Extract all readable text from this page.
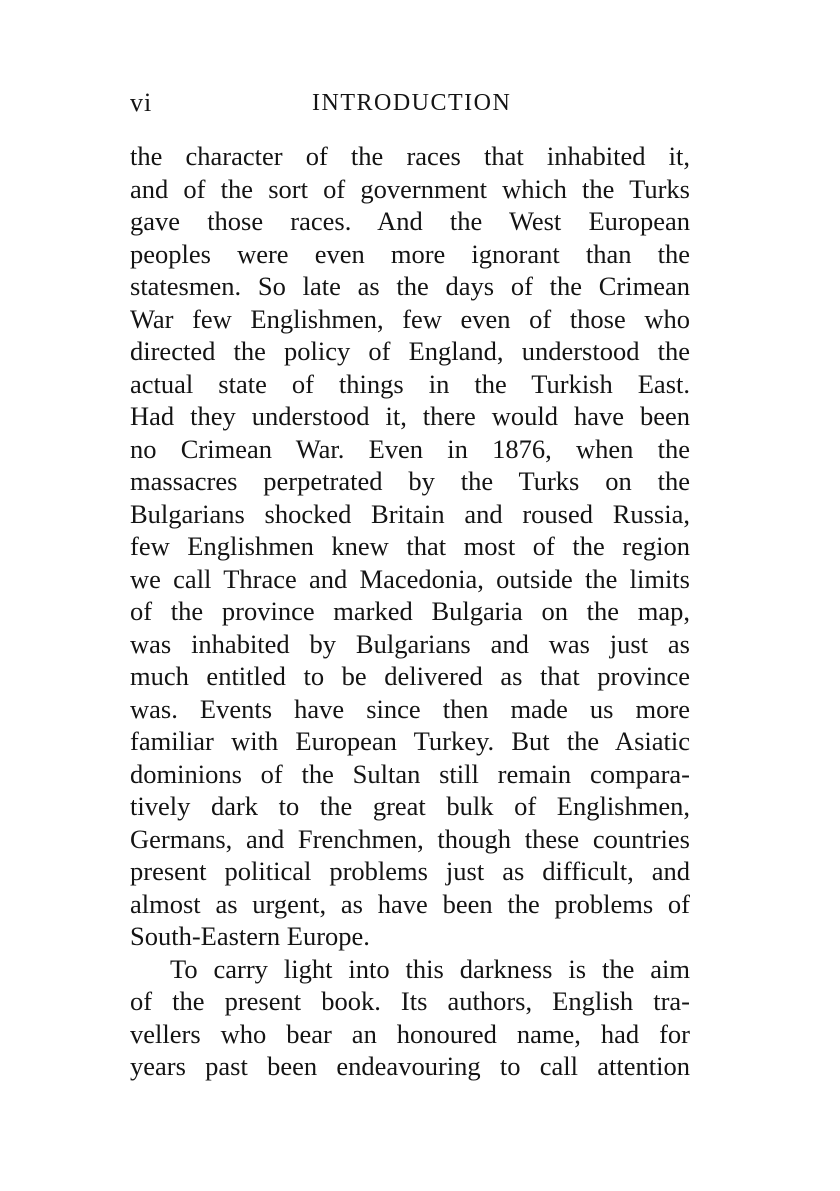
vi	INTRODUCTION
the character of the races that inhabited it,
and of the sort of government which the Turks
gave those races. And the West European
peoples were even more ignorant than the
statesmen. So late as the days of the Crimean
War few Englishmen, few even of those who
directed the policy of England, understood the
actual state of things in the Turkish East.
Had they understood it, there would have been
no Crimean War. Even in 1876, when the
massacres perpetrated by the Turks on the
Bulgarians shocked Britain and roused Russia,
few Englishmen knew that most of the region
we call Thrace and Macedonia, outside the limits
of the province marked Bulgaria on the map,
was inhabited by Bulgarians and was just as
much entitled to be delivered as that province
was. Events have since then made us more
familiar with European Turkey. But the Asiatic
dominions of the Sultan still remain compara-
tively dark to the great bulk of Englishmen,
Germans, and Frenchmen, though these countries
present political problems just as difficult, and
almost as urgent, as have been the problems of
South-Eastern Europe.
To carry light into this darkness is the aim
of the present book. Its authors, English tra-
vellers who bear an honoured name, had for
years past been endeavouring to call attention
